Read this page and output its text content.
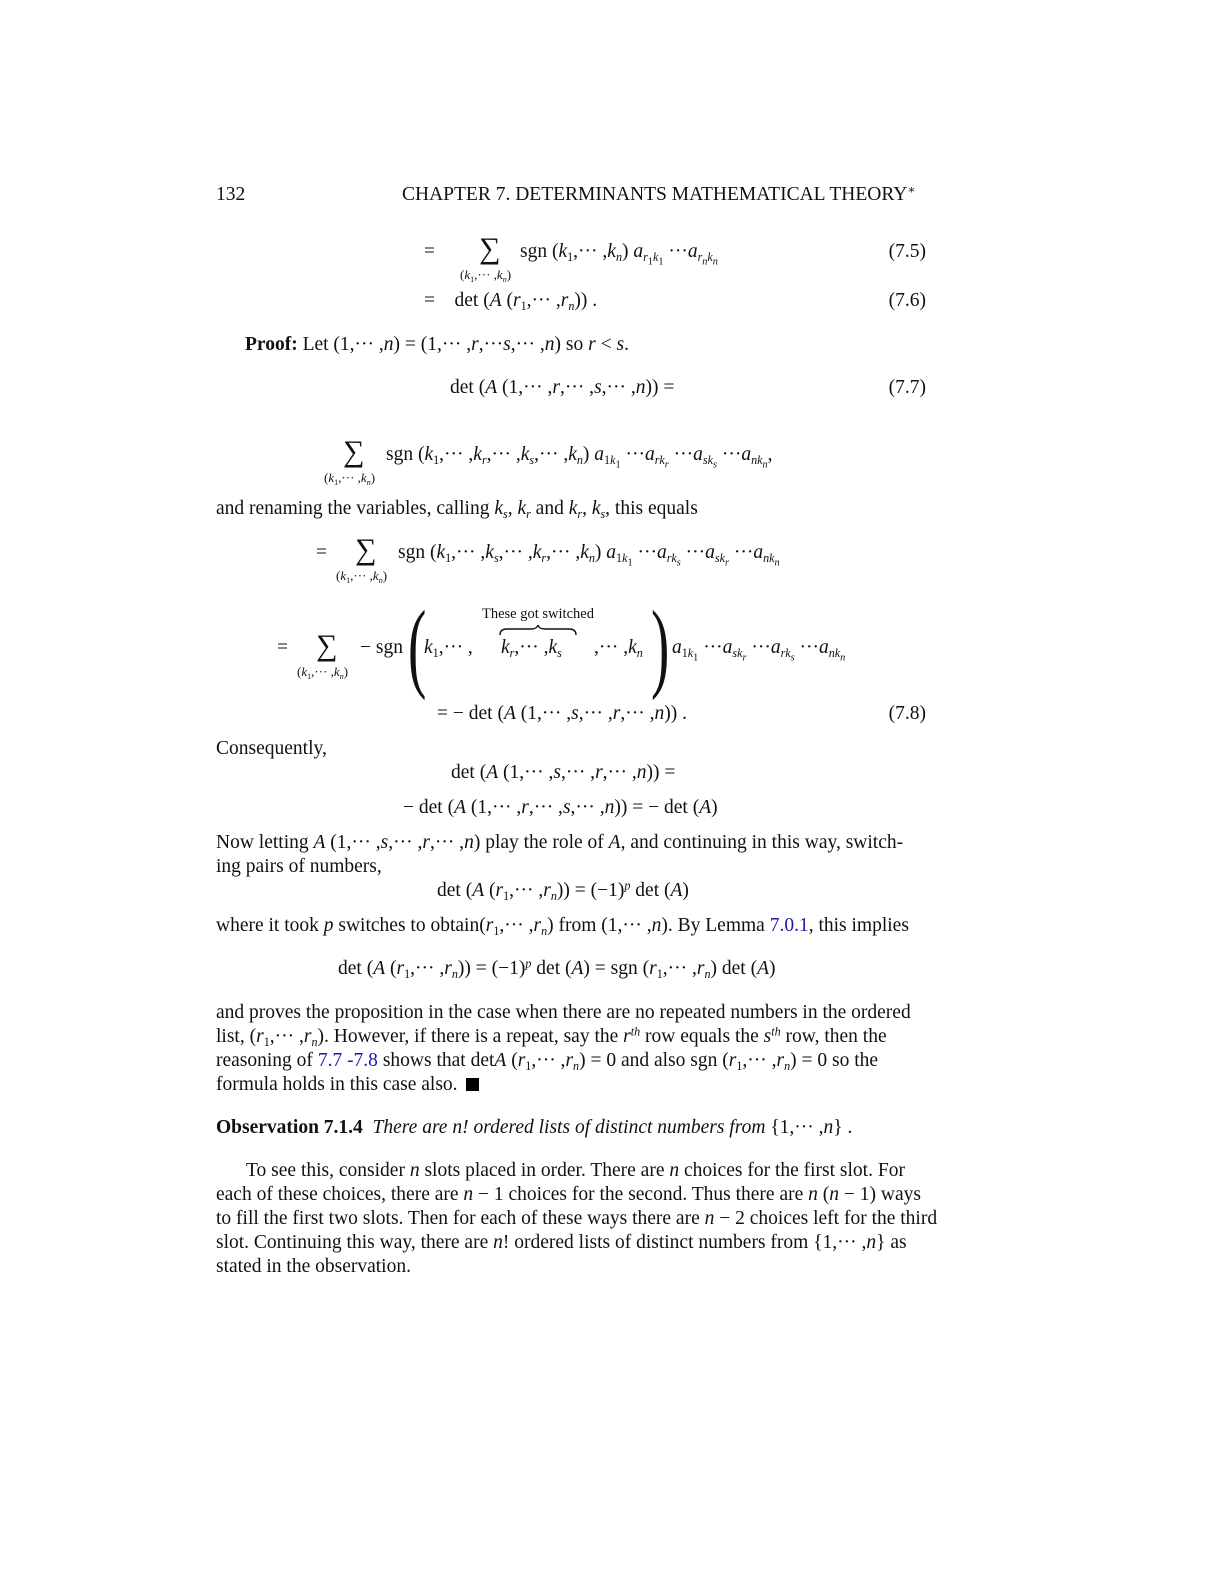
132	CHAPTER 7. DETERMINANTS MATHEMATICAL THEORY∗
= ∑
$(k_1,\cdot\cdot\cdot ,k_n)$
sgn $(k_1,\cdot\cdot\cdot ,k_n)$ $a_{r_1k_1} \cdot\cdot\cdot a_{r_nk_n}$
(7.5)
=    det (A $(r_1,\cdot\cdot\cdot ,r_n)$) .	(7.6)
Proof: Let (1,··· ,n) = (1,··· ,r,···s,··· ,n) so r < s.
det (A (1,··· ,r,··· ,s,··· ,n)) =	(7.7)
∑
$(k_1,\cdot\cdot\cdot ,k_n)$
sgn $(k_1,\cdot\cdot\cdot ,k_r,\cdot\cdot\cdot ,k_s,\cdot\cdot\cdot ,k_n)$ $a_{1k_1} \cdot\cdot\cdot a_{rk_r} \cdot\cdot\cdot a_{sk_s} \cdot\cdot\cdot a_{nk_n}$,
and renaming the variables, calling $k_s$, $k_r$ and $k_r$, $k_s$, this equals
= ∑
$(k_1,\cdot\cdot\cdot ,k_n)$
sgn $(k_1,\cdot\cdot\cdot ,k_s,\cdot\cdot\cdot ,k_r,\cdot\cdot\cdot ,k_n)$ $a_{1k_1} \cdot\cdot\cdot a_{rk_s} \cdot\cdot\cdot a_{sk_r} \cdot\cdot\cdot a_{nk_n}$
= ∑
$(k_1,\cdot\cdot\cdot ,k_n)$
− sgn (
$k_1,\cdot\cdot\cdot$ ,
These got switched
$k_r,\cdot\cdot\cdot ,k_s$ ,··· $,k_n$ ) $a_{1k_1} \cdot\cdot\cdot a_{sk_r} \cdot\cdot\cdot a_{rk_s} \cdot\cdot\cdot a_{nk_n}$
= − det (A (1,··· ,s,··· ,r,··· ,n)) .	(7.8)
Consequently,
det (A (1,··· ,s,··· ,r,··· ,n)) =
− det (A (1,··· ,r,··· ,s,··· ,n)) = − det (A)
Now letting A (1,··· ,s,··· ,r,··· ,n) play the role of A, and continuing in this way, switch-
ing pairs of numbers,
det (A $(r_1,\cdot\cdot\cdot ,r_n)) = (-1)^p$ det (A)
where it took p switches to $obtain(r_1,\cdot\cdot\cdot ,r_n)$ from (1,··· ,n). By Lemma 7.0.1, this implies
det (A $(r_1,\cdot\cdot\cdot ,r_n)) = (-1)^p$ det (A) = sgn $(r_1,\cdot\cdot\cdot ,r_n)$ det (A)
and proves the proposition in the case when there are no repeated numbers in the ordered
list, $(r_1,\cdot\cdot\cdot ,r_n)$. However, if there is a repeat, say the $r^{th}$ row equals the $s^{th}$ row, then the
reasoning of 7.7 -7.8 shows that detA $(r_1,\cdot\cdot\cdot ,r_n) = 0$ and also sgn $(r_1,\cdot\cdot\cdot ,r_n) = 0$ so the
formula holds in this case also.
Observation 7.1.4 There are n! ordered lists of distinct numbers from {1,··· ,n} .
To see this, consider n slots placed in order. There are n choices for the first slot. For
each of these choices, there are n − 1 choices for the second. Thus there are n (n − 1) ways
to fill the first two slots. Then for each of these ways there are n − 2 choices left for the third
slot. Continuing this way, there are n! ordered lists of distinct numbers from {1,··· ,n} as
stated in the observation.
